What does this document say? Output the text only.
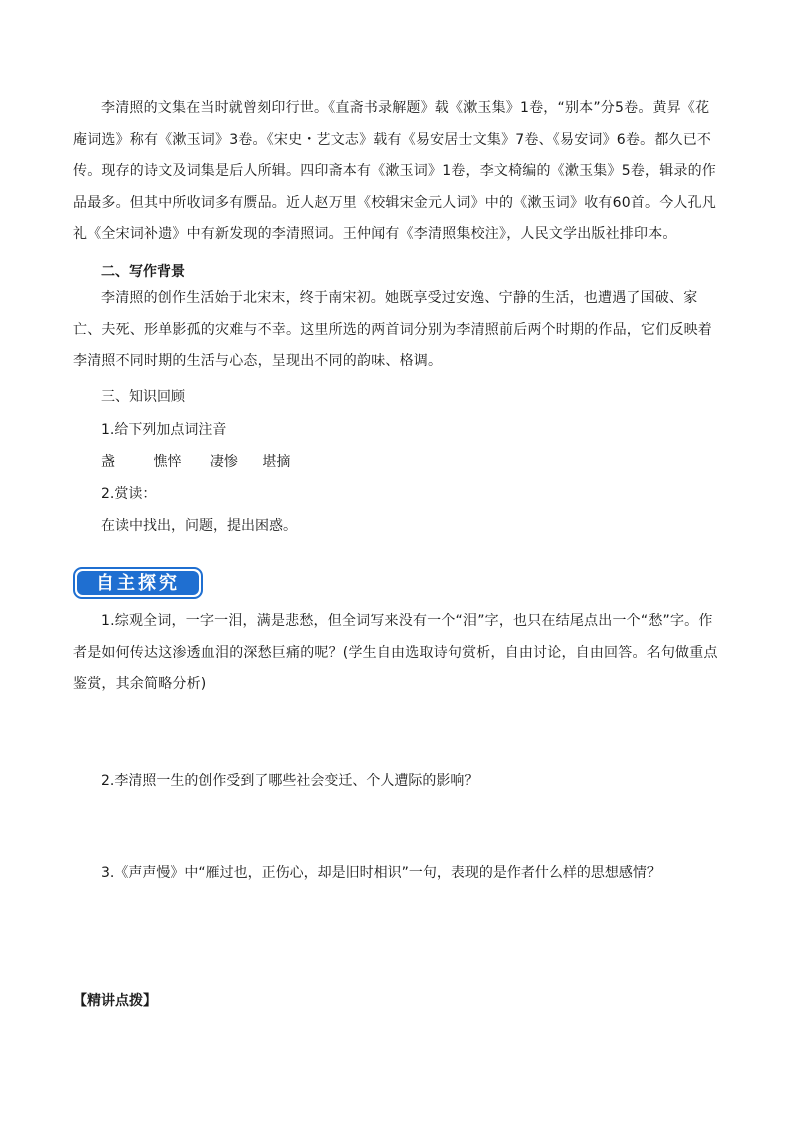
李清照的文集在当时就曾刻印行世。《直斋书录解题》载《漱玉集》1卷，“别本”分5卷。黄昇《花庵词选》称有《漱玉词》3卷。《宋史・艺文志》载有《易安居士文集》7卷、《易安词》6卷。都久已不传。现存的诗文及词集是后人所辑。四印斋本有《漱玉词》1卷，李文椅编的《漱玉集》5卷，辑录的作品最多。但其中所收词多有赝品。近人赵万里《校辑宋金元人词》中的《漱玉词》收有60首。今人孔凡礼《全宋词补遗》中有新发现的李清照词。王仲闻有《李清照集校注》，人民文学出版社排印本。

二、写作背景

李清照的创作生活始于北宋末，终于南宋初。她既享受过安逸、宁静的生活，也遭遇了国破、家亡、夫死、形单影孤的灾难与不幸。这里所选的两首词分别为李清照前后两个时期的作品，它们反映着李清照不同时期的生活与心态，呈现出不同的韵味、格调。

三、知识回顾

1.给下列加点词注音

盏	憔悴 凄惨 堪摘

2.赏读：

在读中找出，问题，提出困惑。

自主探究

1.综观全词，一字一泪，满是悲愁，但全词写来没有一个“泪”字，也只在结尾点出一个“愁”字。作者是如何传达这渗透血泪的深愁巨痛的呢？(学生自由选取诗句赏析，自由讨论，自由回答。名句做重点鉴赏，其余简略分析)

2.李清照一生的创作受到了哪些社会变迁、个人遭际的影响？

3.《声声慢》中“雁过也，正伤心，却是旧时相识”一句，表现的是作者什么样的思想感情？

【精讲点拨】
